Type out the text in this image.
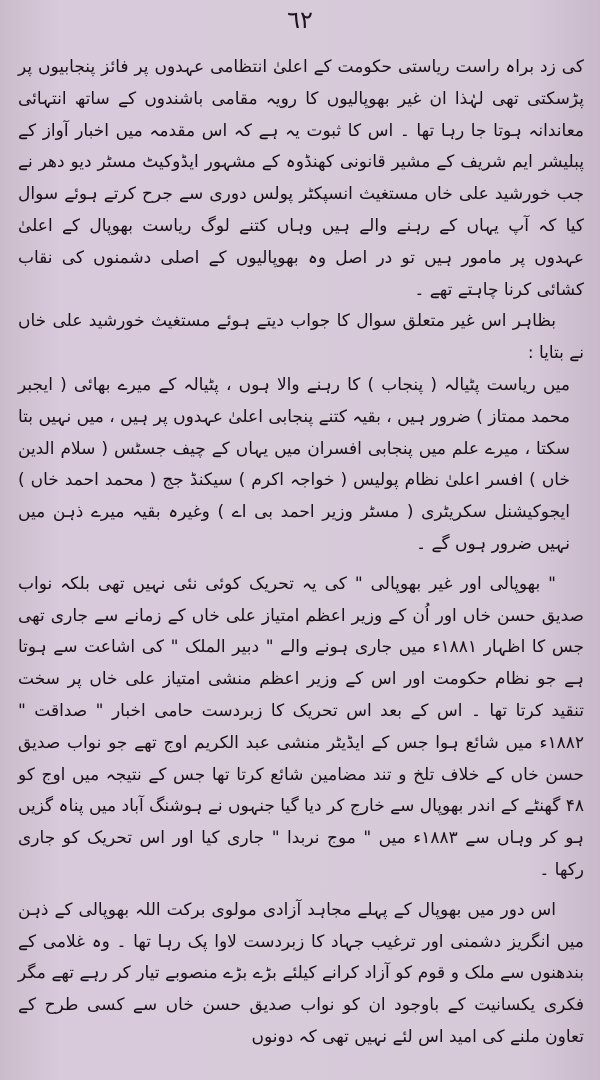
٦٢

کی زد براہ راست ریاستی حکومت کے اعلیٰ انتظامی عہدوں پر فائز پنجابیوں پر پڑسکتی تھی لہٰذا ان غیر بھوپالیوں کا رویہ مقامی باشندوں کے ساتھ انتہائی معاندانہ ہوتا جا رہا تھا ۔ اس کا ثبوت یہ ہے کہ اس مقدمہ میں اخبار آواز کے پبلیشر ایم شریف کے مشیر قانونی کھنڈوہ کے مشہور ایڈوکیٹ مسٹر دیو دھر نے جب خورشید علی خاں مستغیث انسپکٹر پولس دوری سے جرح کرتے ہوئے سوال کیا کہ آپ یہاں کے رہنے والے ہیں وہاں کتنے لوگ ریاست بھوپال کے اعلیٰ عہدوں پر مامور ہیں تو در اصل وہ بھوپالیوں کے اصلی دشمنوں کی نقاب کشائی کرنا چاہتے تھے ۔

بظاہر اس غیر متعلق سوال کا جواب دیتے ہوئے مستغیث خورشید علی خاں نے بتایا :

میں ریاست پٹیالہ ( پنجاب ) کا رہنے والا ہوں ، پٹیالہ کے میرے بھائی ( ایجبر محمد ممتاز ) ضرور ہیں ، بقیہ کتنے پنجابی اعلیٰ عہدوں پر ہیں ، میں نہیں بتا سکتا ، میرے علم میں پنجابی افسران میں یہاں کے چیف جسٹس ( سلام الدین خاں ) افسر اعلیٰ نظام پولیس ( خواجہ اکرم ) سیکنڈ جج ( محمد احمد خاں ) ایجوکیشنل سکریٹری ( مسٹر وزیر احمد بی اے ) وغیرہ بقیہ میرے ذہن میں نہیں ضرور ہوں گے ۔

" بھوپالی اور غیر بھوپالی " کی یہ تحریک کوئی نئی نہیں تھی بلکہ نواب صدیق حسن خاں اور اُن کے وزیر اعظم امتیاز علی خاں کے زمانے سے جاری تھی جس کا اظہار ۱۸۸۱ء میں جاری ہونے والے " دبیر الملک " کی اشاعت سے ہوتا ہے جو نظام حکومت اور اس کے وزیر اعظم منشی امتیاز علی خاں پر سخت تنقید کرتا تھا ۔ اس کے بعد اس تحریک کا زبردست حامی اخبار " صداقت " ۱۸۸۲ء میں شائع ہوا جس کے ایڈیٹر منشی عبد الکریم اوج تھے جو نواب صدیق حسن خاں کے خلاف تلخ و تند مضامین شائع کرتا تھا جس کے نتیجہ میں اوج کو ۴۸ گھنٹے کے اندر بھوپال سے خارج کر دیا گیا جنہوں نے ہوشنگ آباد میں پناہ گزیں ہو کر وہاں سے ۱۸۸۳ء میں " موج نربدا " جاری کیا اور اس تحریک کو جاری رکھا ۔

اس دور میں بھوپال کے پہلے مجاہد آزادی مولوی برکت اللہ بھوپالی کے ذہن میں انگریز دشمنی اور ترغیب جہاد کا زبردست لاوا پک رہا تھا ۔ وہ غلامی کے بندھنوں سے ملک و قوم کو آزاد کرانے کیلئے بڑے بڑے منصوبے تیار کر رہے تھے مگر فکری یکسانیت کے باوجود ان کو نواب صدیق حسن خاں سے کسی طرح کے تعاون ملنے کی امید اس لئے نہیں تھی کہ دونوں
